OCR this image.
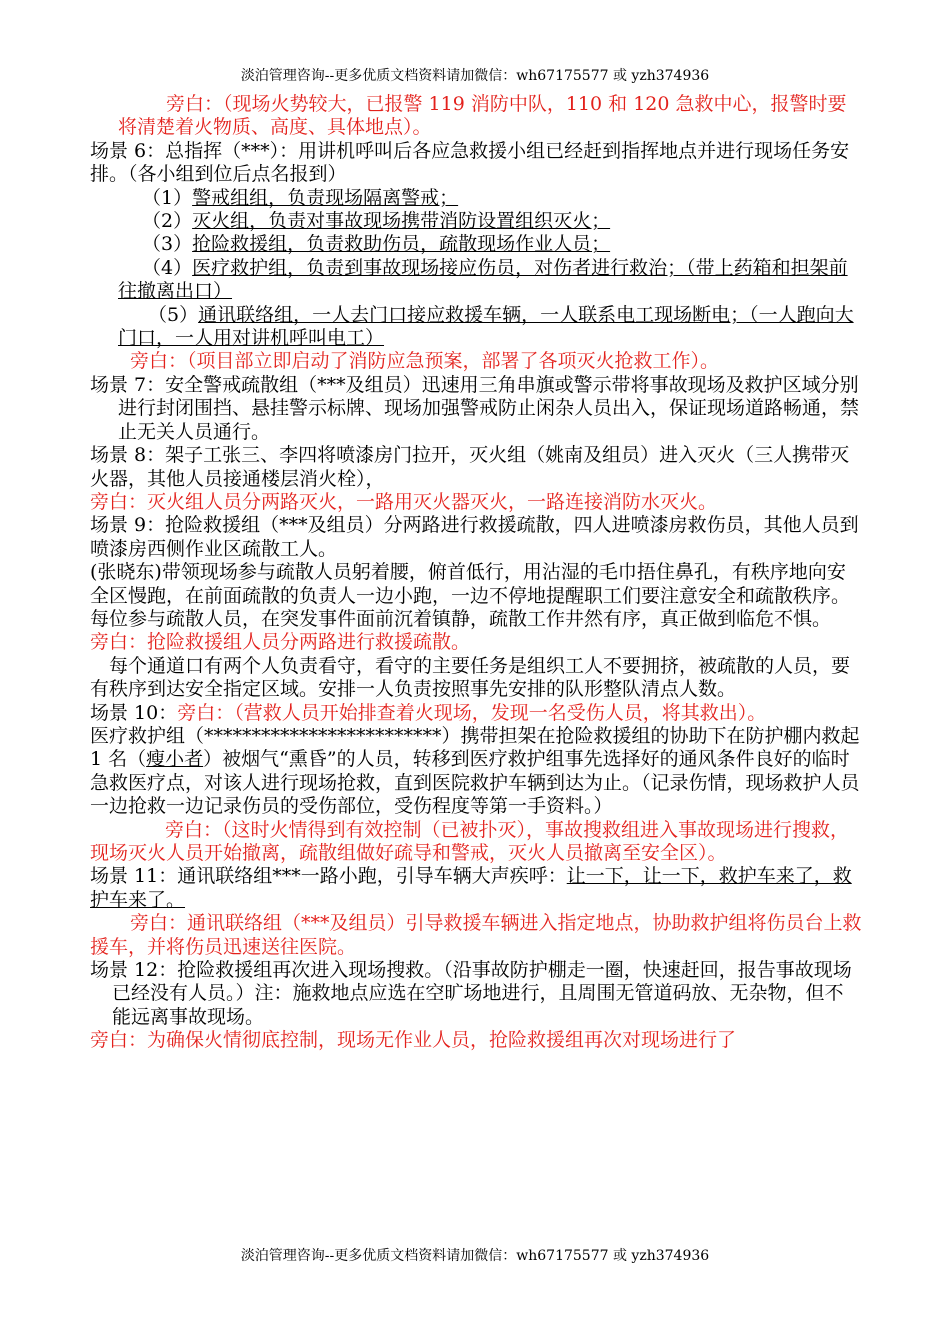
淡泊管理咨询--更多优质文档资料请加微信：wh67175577 或 yzh374936

旁白：（现场火势较大，已报警 119 消防中队，110 和 120 急救中心，报警时要将清楚着火物质、高度、具体地点）。

场景 6：总指挥（***）：用讲机呼叫后各应急救援小组已经赶到指挥地点并进行现场任务安排。（各小组到位后点名报到）

（1）警戒组组，负责现场隔离警戒；

（2）灭火组，负责对事故现场携带消防设置组织灭火；

（3）抢险救援组，负责救助伤员，疏散现场作业人员；

（4）医疗救护组，负责到事故现场接应伤员，对伤者进行救治；（带上药箱和担架前往撤离出口）

（5）通讯联络组，一人去门口接应救援车辆，一人联系电工现场断电；（一人跑向大门口，一人用对讲机呼叫电工）

旁白：（项目部立即启动了消防应急预案，部署了各项灭火抢救工作）。

场景 7：安全警戒疏散组（***及组员）迅速用三角串旗或警示带将事故现场及救护区域分别进行封闭围挡、悬挂警示标牌、现场加强警戒防止闲杂人员出入，保证现场道路畅通，禁止无关人员通行。

场景 8：架子工张三、李四将喷漆房门拉开，灭火组（姚南及组员）进入灭火（三人携带灭火器，其他人员接通楼层消火栓），

旁白：灭火组人员分两路灭火，一路用灭火器灭火，一路连接消防水灭火。

场景 9：抢险救援组（***及组员）分两路进行救援疏散，四人进喷漆房救伤员，其他人员到喷漆房西侧作业区疏散工人。

(张晓东)带领现场参与疏散人员躬着腰，俯首低行，用沾湿的毛巾捂住鼻孔，有秩序地向安全区慢跑，在前面疏散的负责人一边小跑，一边不停地提醒职工们要注意安全和疏散秩序。每位参与疏散人员，在突发事件面前沉着镇静，疏散工作井然有序，真正做到临危不惧。

旁白：抢险救援组人员分两路进行救援疏散。

每个通道口有两个人负责看守，看守的主要任务是组织工人不要拥挤，被疏散的人员，要有秩序到达安全指定区域。安排一人负责按照事先安排的队形整队清点人数。

场景 10：旁白：（营救人员开始排查着火现场，发现一名受伤人员，将其救出）。

医疗救护组（*************************）携带担架在抢险救援组的协助下在防护棚内救起 1 名（瘦小者）被烟气“熏昏”的人员，转移到医疗救护组事先选择好的通风条件良好的临时急救医疗点，对该人进行现场抢救，直到医院救护车辆到达为止。（记录伤情，现场救护人员一边抢救一边记录伤员的受伤部位，受伤程度等第一手资料。）

旁白：（这时火情得到有效控制（已被扑灭），事故搜救组进入事故现场进行搜救，现场灭火人员开始撤离，疏散组做好疏导和警戒，灭火人员撤离至安全区）。

场景 11：通讯联络组***一路小跑，引导车辆大声疾呼：让一下，让一下，救护车来了，救护车来了。

旁白：通讯联络组（***及组员）引导救援车辆进入指定地点，协助救护组将伤员台上救援车，并将伤员迅速送往医院。

场景 12：抢险救援组再次进入现场搜救。（沿事故防护棚走一圈，快速赶回，报告事故现场已经没有人员。）注：施救地点应选在空旷场地进行，且周围无管道码放、无杂物，但不能远离事故现场。

旁白：为确保火情彻底控制，现场无作业人员，抢险救援组再次对现场进行了

淡泊管理咨询--更多优质文档资料请加微信：wh67175577 或 yzh374936
